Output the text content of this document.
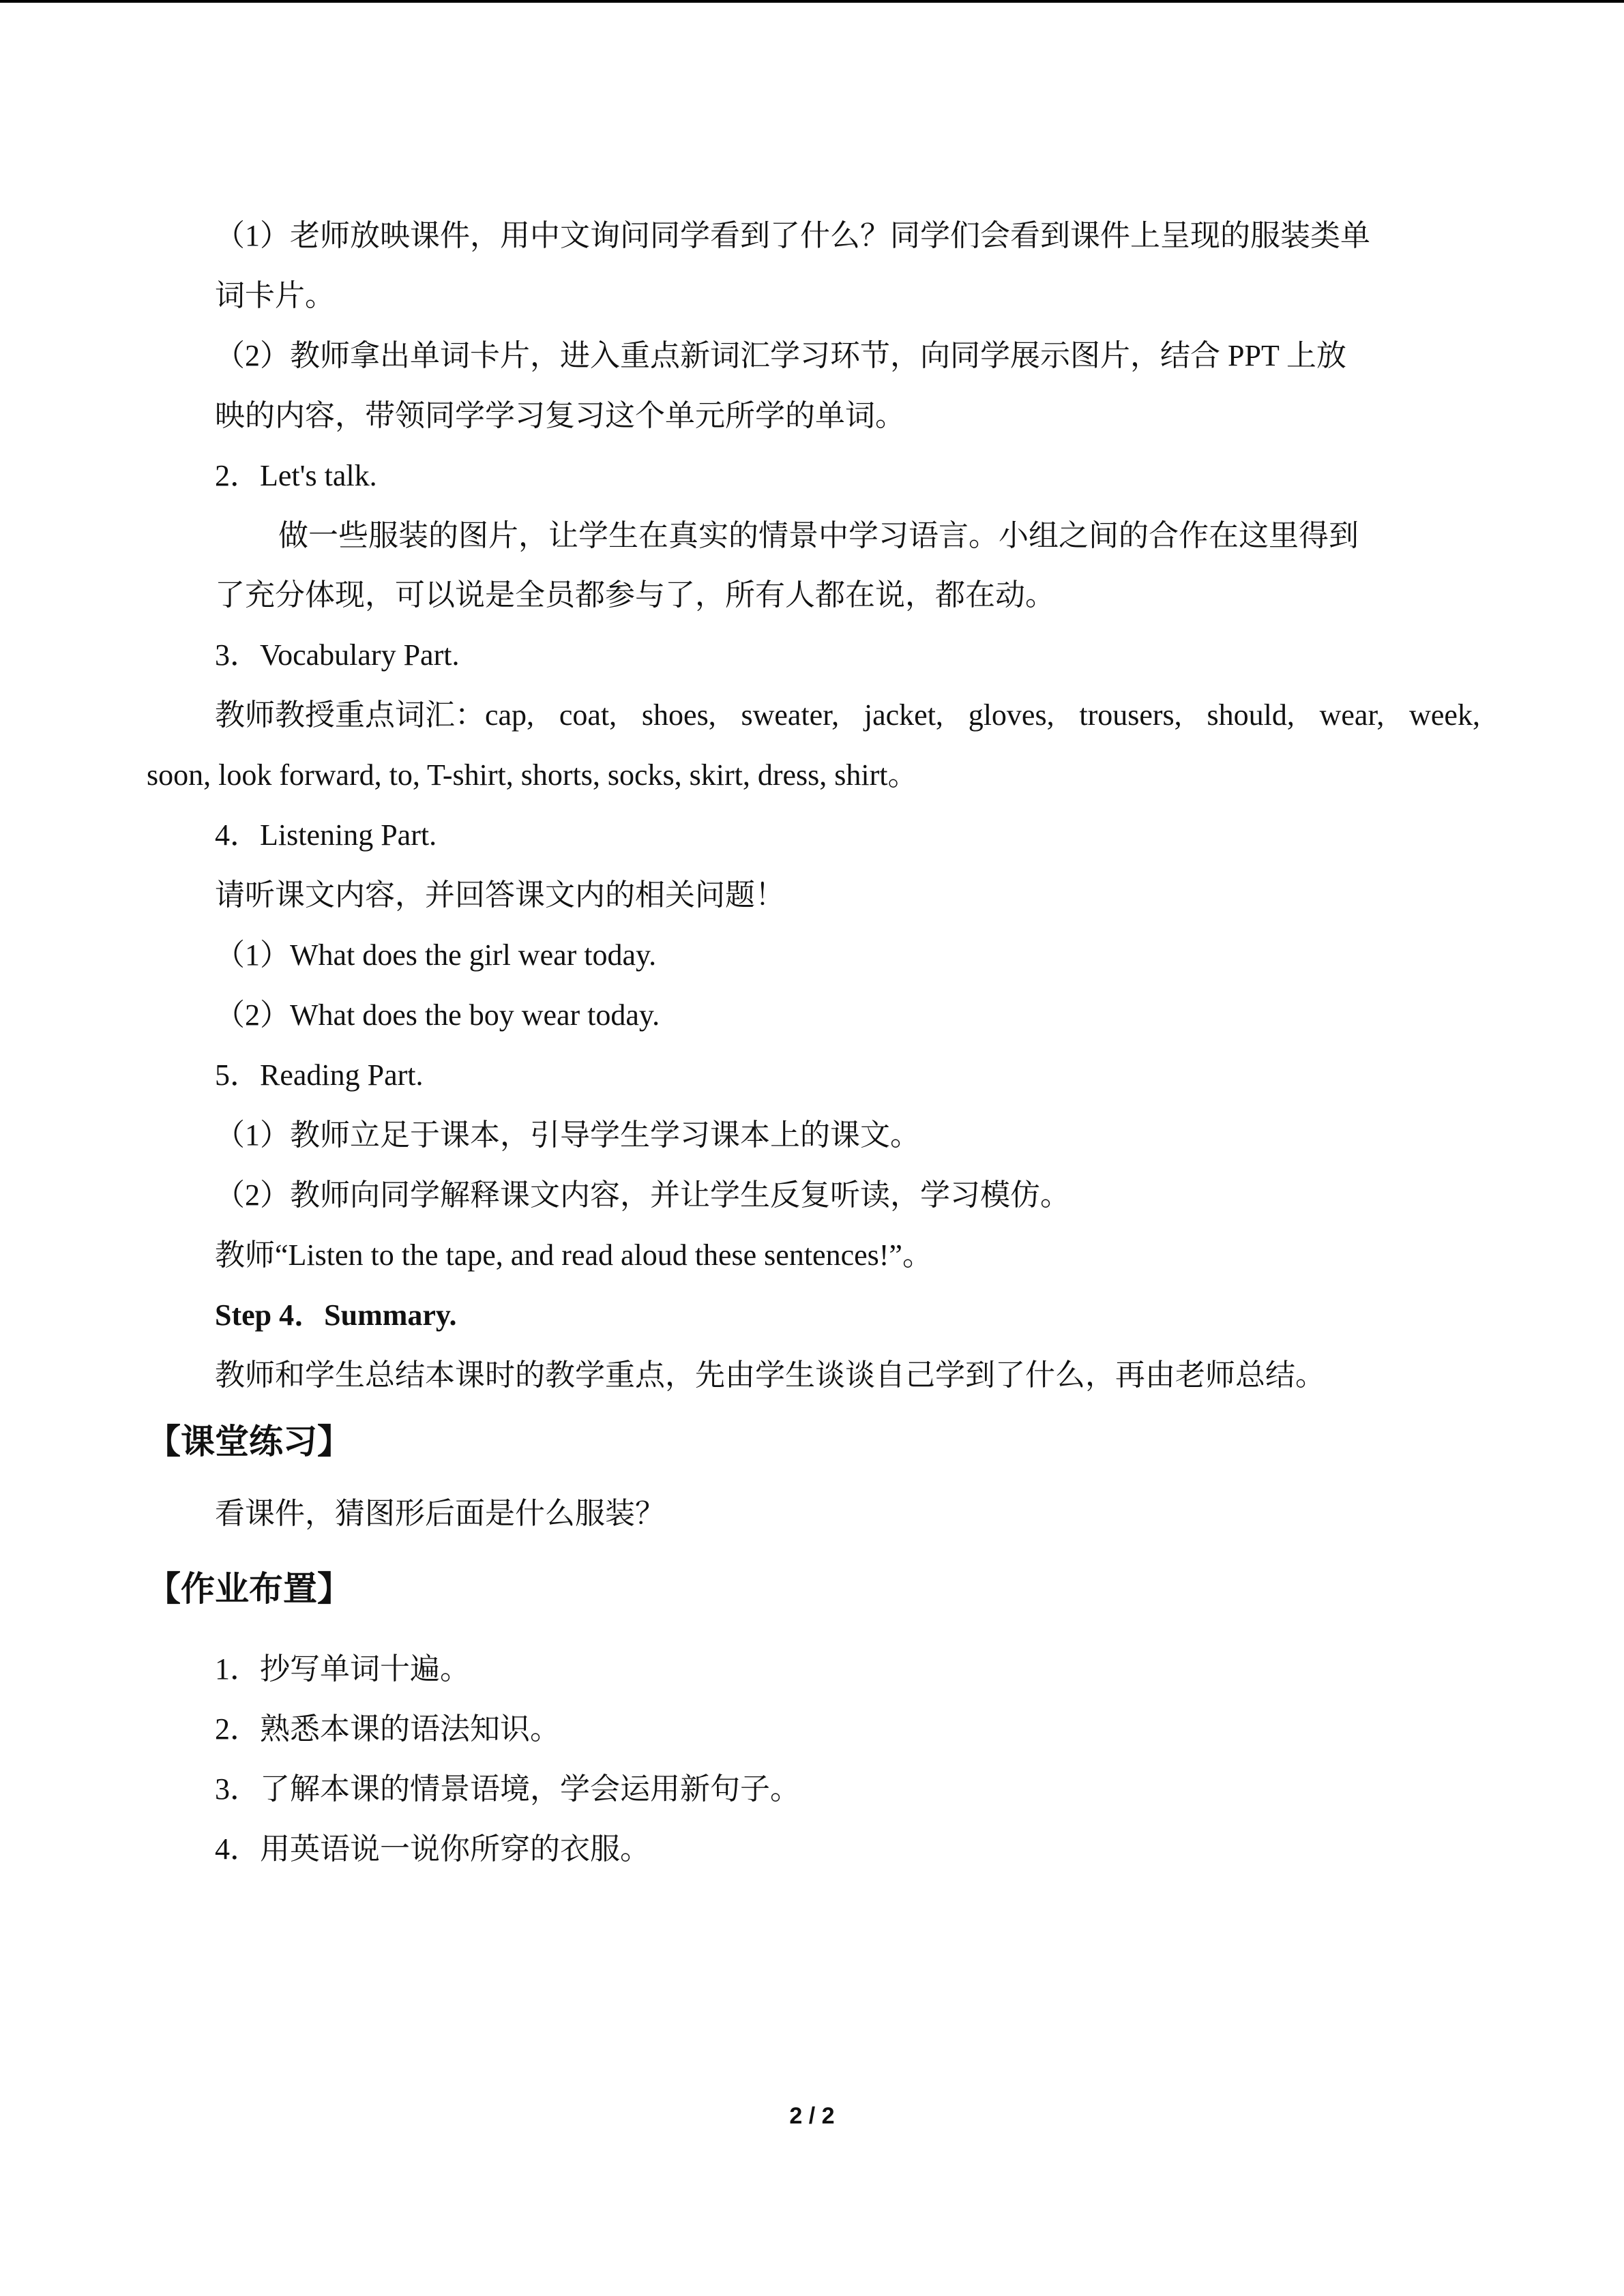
（1）老师放映课件，用中文询问同学看到了什么？同学们会看到课件上呈现的服装类单
词卡片。
（2）教师拿出单词卡片，进入重点新词汇学习环节，向同学展示图片，结合 PPT 上放
映的内容，带领同学学习复习这个单元所学的单词。
2．Let's talk.
做一些服装的图片，让学生在真实的情景中学习语言。小组之间的合作在这里得到
了充分体现，可以说是全员都参与了，所有人都在说，都在动。
3．Vocabulary Part.
教师教授重点词汇：cap, coat, shoes, sweater, jacket, gloves, trousers, should, wear, week,
soon, look forward, to, T-shirt, shorts, socks, skirt, dress, shirt。
4．Listening Part.
请听课文内容，并回答课文内的相关问题！
（1）What does the girl wear today.
（2）What does the boy wear today.
5．Reading Part.
（1）教师立足于课本，引导学生学习课本上的课文。
（2）教师向同学解释课文内容，并让学生反复听读，学习模仿。
教师“Listen to the tape, and read aloud these sentences!”。
Step 4．Summary.
教师和学生总结本课时的教学重点，先由学生谈谈自己学到了什么，再由老师总结。
【课堂练习】
看课件，猜图形后面是什么服装？
【作业布置】
1．抄写单词十遍。
2．熟悉本课的语法知识。
3．了解本课的情景语境，学会运用新句子。
4．用英语说一说你所穿的衣服。
2 / 2
